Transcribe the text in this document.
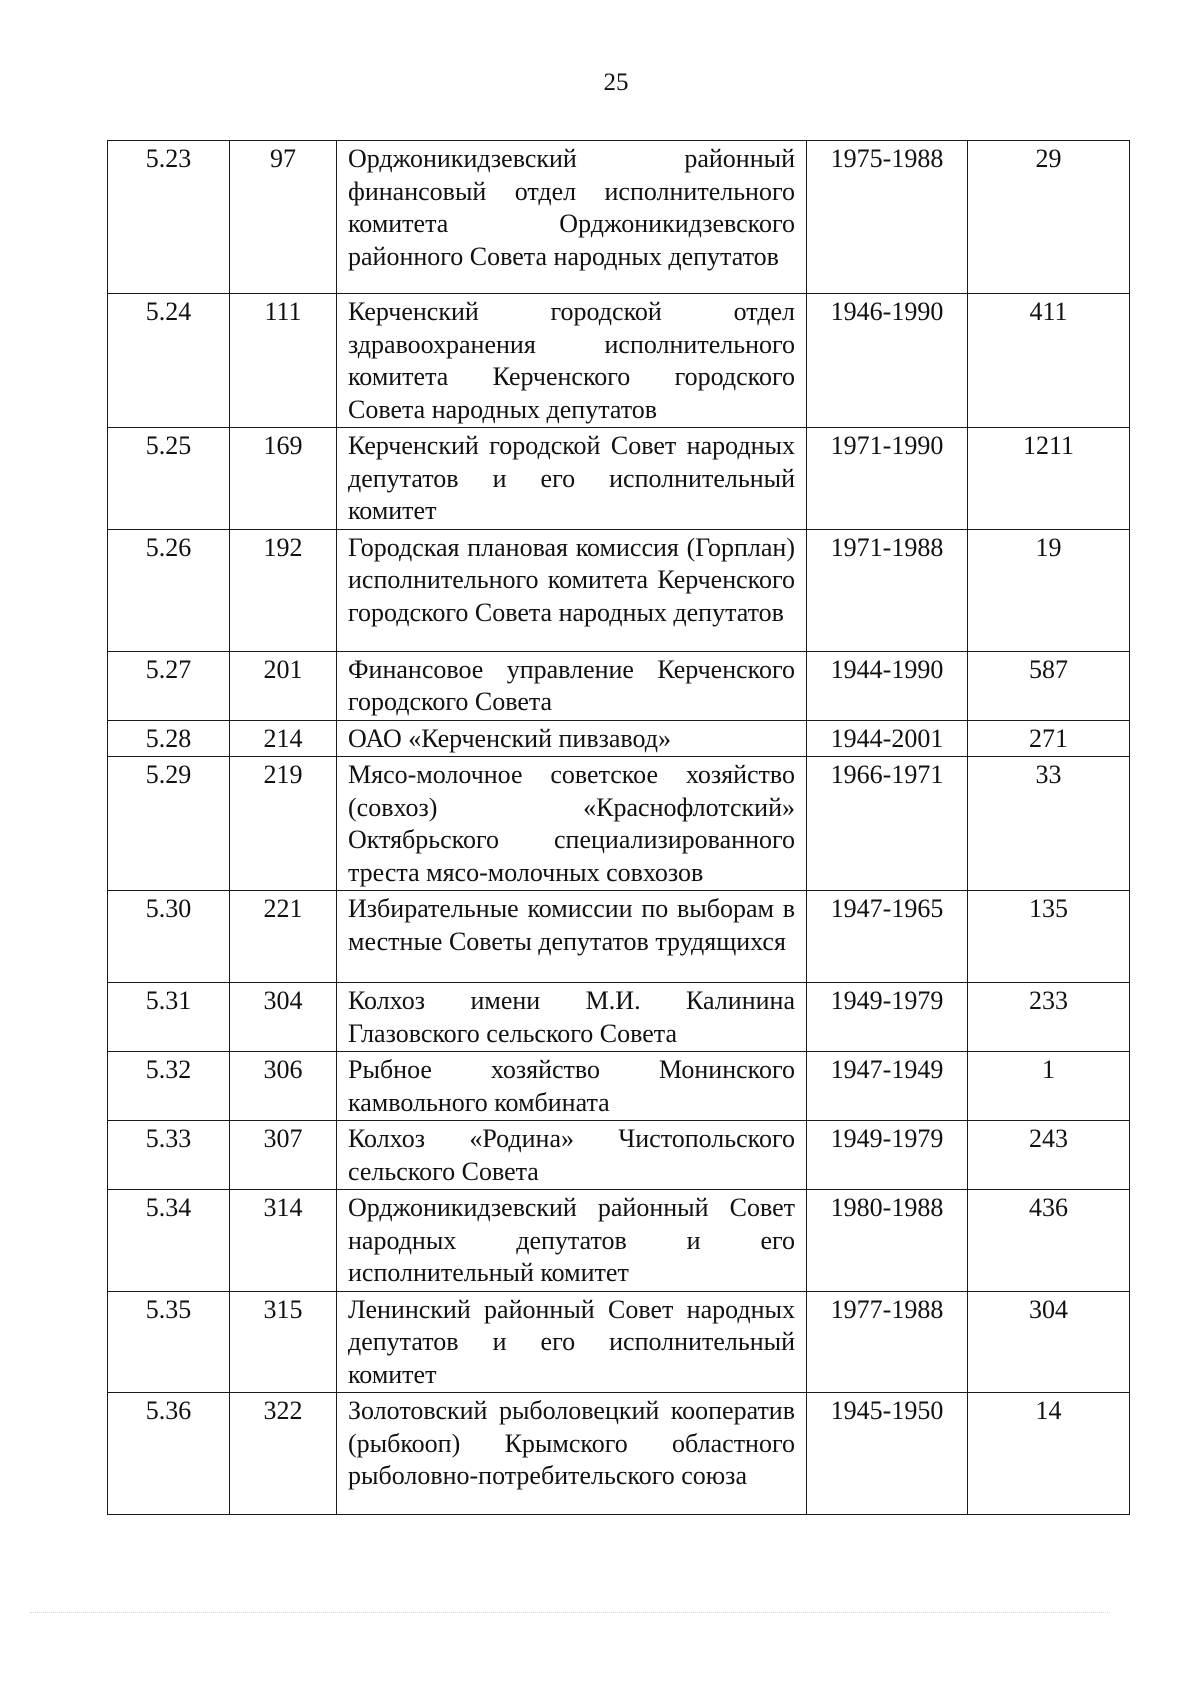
25
5.23	97	Орджоникидзевский районный финансовый отдел исполнительного комитета Орджоникидзевского районного Совета народных депутатов	1975-1988	29

5.24	111	Керченский городской отдел здравоохранения исполнительного комитета Керченского городского Совета народных депутатов	1946-1990	411

5.25	169	Керченский городской Совет народных депутатов и его исполнительный комитет	1971-1990	1211

5.26	192	Городская плановая комиссия (Горплан) исполнительного комитета Керченского городского Совета народных депутатов	1971-1988	19

5.27	201	Финансовое управление Керченского городского Совета	1944-1990	587

5.28	214	ОАО «Керченский пивзавод»	1944-2001	271

5.29	219	Мясо-молочное советское хозяйство (совхоз) «Краснофлотский» Октябрьского специализированного треста мясо-молочных совхозов	1966-1971	33

5.30	221	Избирательные комиссии по выборам в местные Советы депутатов трудящихся	1947-1965	135

5.31	304	Колхоз имени М.И. Калинина Глазовского сельского Совета	1949-1979	233

5.32	306	Рыбное хозяйство Монинского камвольного комбината	1947-1949	1

5.33	307	Колхоз «Родина» Чистопольского сельского Совета	1949-1979	243

5.34	314	Орджоникидзевский районный Совет народных депутатов и его исполнительный комитет	1980-1988	436

5.35	315	Ленинский районный Совет народных депутатов и его исполнительный комитет	1977-1988	304

5.36	322	Золотовский рыболовецкий кооператив (рыбкооп) Крымского областного рыболовно-потребительского союза	1945-1950	14
